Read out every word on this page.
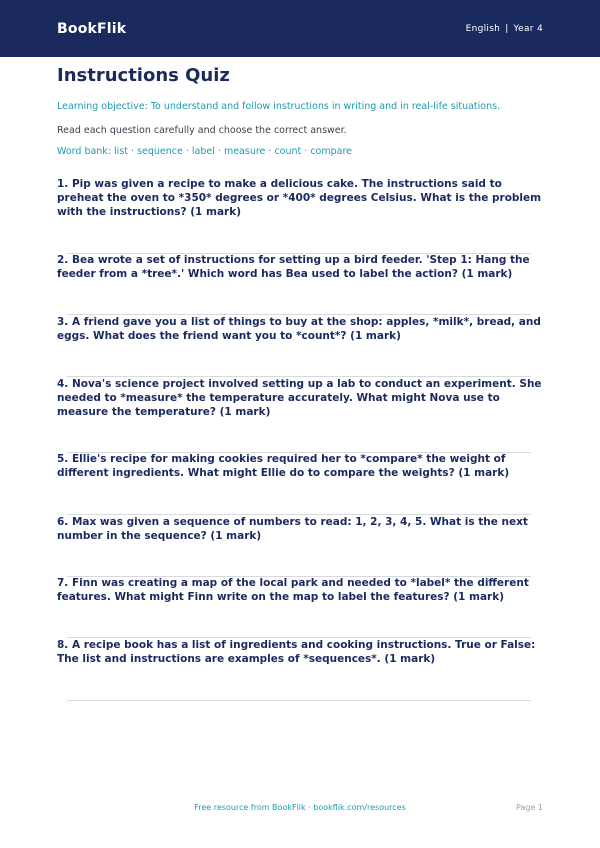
BookFlik	English | Year 4
Instructions Quiz

Learning objective: To understand and follow instructions in writing and in real-life situations.

Read each question carefully and choose the correct answer.

Word bank: list · sequence · label · measure · count · compare

1. Pip was given a recipe to make a delicious cake. The instructions said to preheat the oven to *350* degrees or *400* degrees Celsius. What is the problem with the instructions? (1 mark)
2. Bea wrote a set of instructions for setting up a bird feeder. 'Step 1: Hang the feeder from a *tree*.' Which word has Bea used to label the action? (1 mark)
3. A friend gave you a list of things to buy at the shop: apples, *milk*, bread, and eggs. What does the friend want you to *count*? (1 mark)
4. Nova's science project involved setting up a lab to conduct an experiment. She needed to *measure* the temperature accurately. What might Nova use to measure the temperature? (1 mark)
5. Ellie's recipe for making cookies required her to *compare* the weight of different ingredients. What might Ellie do to compare the weights? (1 mark)
6. Max was given a sequence of numbers to read: 1, 2, 3, 4, 5. What is the next number in the sequence? (1 mark)
7. Finn was creating a map of the local park and needed to *label* the different features. What might Finn write on the map to label the features? (1 mark)
8. A recipe book has a list of ingredients and cooking instructions. True or False: The list and instructions are examples of *sequences*. (1 mark)
Free resource from BookFlik · bookflik.com/resources	Page 1
